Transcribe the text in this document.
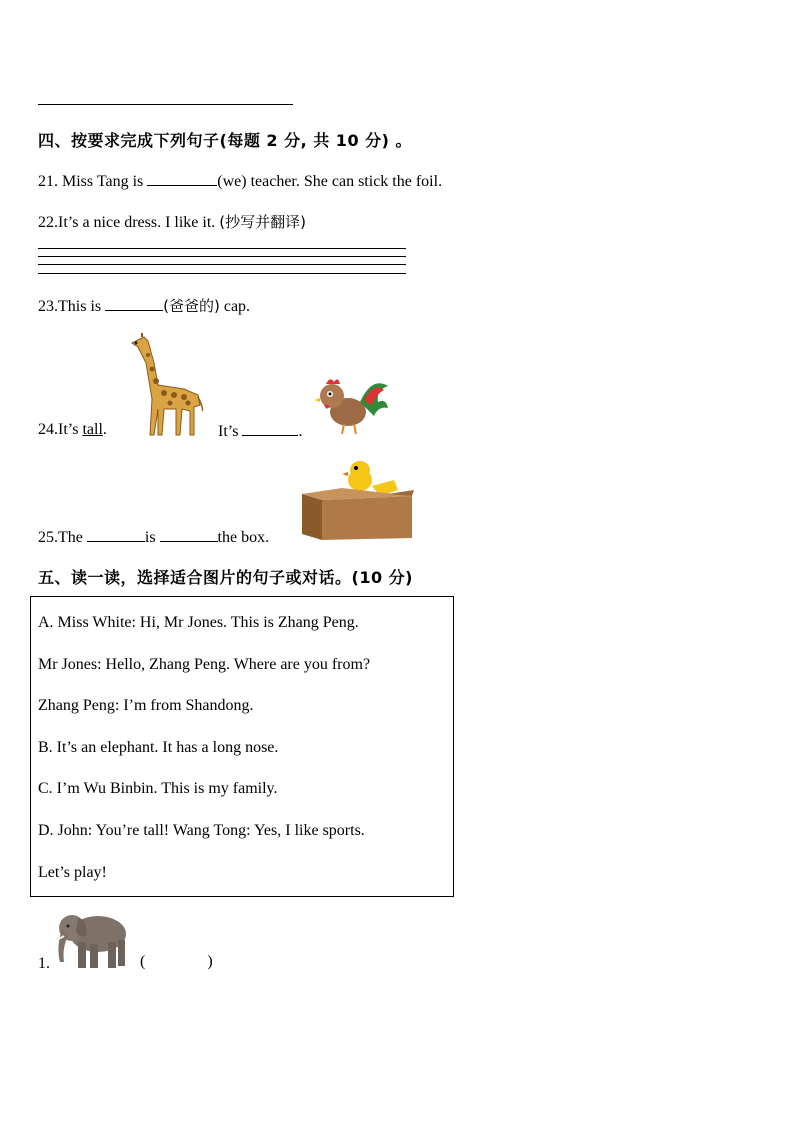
四、按要求完成下列句子(每题 2 分, 共 10 分) 。
21. Miss Tang is	(we) teacher. She can stick the foil.
22.It’s a nice dress. I like it. (抄写并翻译)
23.This is	(爸爸的) cap.
24.It’s tall.	It’s	.
25.The	is	the box.
五、读一读，选择适合图片的句子或对话。(10 分)
A. Miss White: Hi, Mr Jones. This is Zhang Peng.
Mr Jones: Hello, Zhang Peng. Where are you from?
Zhang Peng: I’m from Shandong.
B. It’s an elephant. It has a long nose.
C. I’m Wu Binbin. This is my family.
D. John: You’re tall! Wang Tong: Yes, I like sports.
Let’s play!
1.	(	)
